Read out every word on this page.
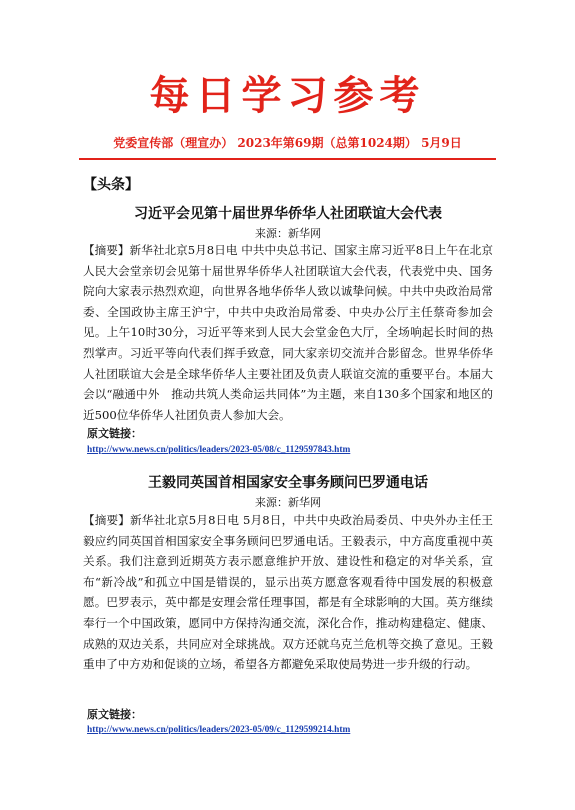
每日学习参考
党委宣传部（理宣办） 2023年第69期（总第1024期） 5月9日
【头条】
习近平会见第十届世界华侨华人社团联谊大会代表
来源：新华网

【摘要】新华社北京5月8日电 中共中央总书记、国家主席习近平8日上午在北京人民大会堂亲切会见第十届世界华侨华人社团联谊大会代表，代表党中央、国务院向大家表示热烈欢迎，向世界各地华侨华人致以诚挚问候。中共中央政治局常委、全国政协主席王沪宁，中共中央政治局常委、中央办公厅主任蔡奇参加会见。上午10时30分，习近平等来到人民大会堂金色大厅，全场响起长时间的热烈掌声。习近平等向代表们挥手致意，同大家亲切交流并合影留念。世界华侨华人社团联谊大会是全球华侨华人主要社团及负责人联谊交流的重要平台。本届大会以“融通中外　推动共筑人类命运共同体”为主题，来自130多个国家和地区的近500位华侨华人社团负责人参加大会。

原文链接：
http://www.news.cn/politics/leaders/2023-05/08/c_1129597843.htm
王毅同英国首相国家安全事务顾问巴罗通电话
来源：新华网

【摘要】新华社北京5月8日电 5月8日，中共中央政治局委员、中央外办主任王毅应约同英国首相国家安全事务顾问巴罗通电话。王毅表示，中方高度重视中英关系。我们注意到近期英方表示愿意维护开放、建设性和稳定的对华关系，宣布“新冷战”和孤立中国是错误的，显示出英方愿意客观看待中国发展的积极意愿。巴罗表示，英中都是安理会常任理事国，都是有全球影响的大国。英方继续奉行一个中国政策，愿同中方保持沟通交流，深化合作，推动构建稳定、健康、成熟的双边关系，共同应对全球挑战。双方还就乌克兰危机等交换了意见。王毅重申了中方劝和促谈的立场，希望各方都避免采取使局势进一步升级的行动。

原文链接：
http://www.news.cn/politics/leaders/2023-05/09/c_1129599214.htm
